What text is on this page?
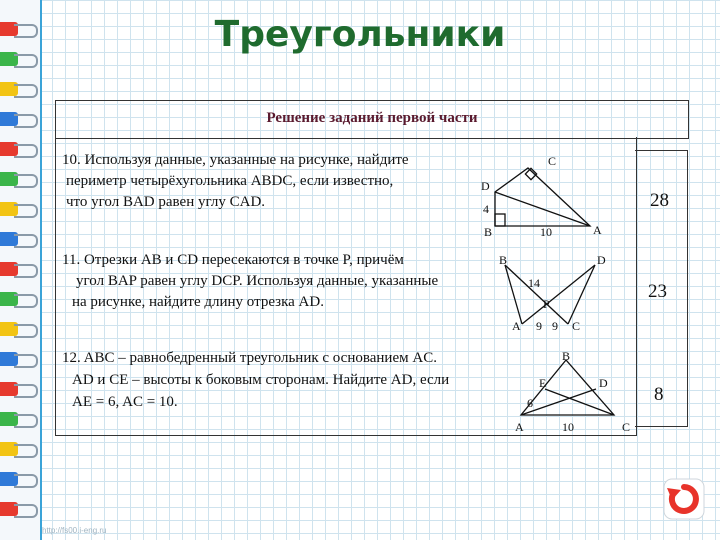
Треугольники
Решение заданий первой части
10. Используя данные, указанные на рисунке, найдите
периметр четырёхугольника ABDC, если известно,
что угол BAD равен углу CAD.	28
11. Отрезки AB и CD пересекаются в точке P, причём
угол BAP равен углу DCP. Используя данные, указанные
на рисунке, найдите длину отрезка AD.	23
12. ABC – равнобедренный треугольник с основанием AC.
AD и CE – высоты к боковым сторонам. Найдите AD, если
AE = 6, AC = 10.	8
C
D
4
B	10	A
B	D
14
P
A 9 9 C
B
E	D
6
A	10	C
http://fs00.i-eng.ru
